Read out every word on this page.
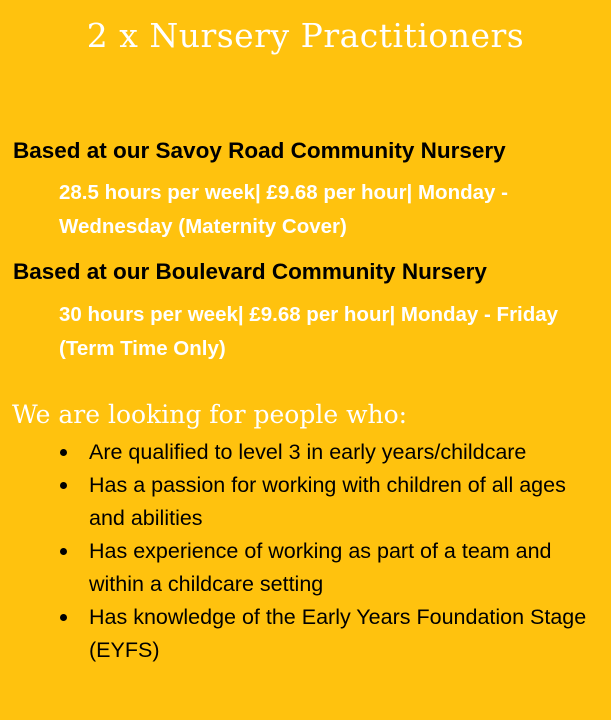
2 x Nursery Practitioners
Based at our Savoy Road Community Nursery
28.5 hours per week| £9.68 per hour| Monday - Wednesday (Maternity Cover)
Based at our Boulevard Community Nursery
30 hours per week| £9.68 per hour| Monday - Friday (Term Time Only)
We are looking for people who:
Are qualified to level 3 in early years/childcare
Has a passion for working with children of all ages and abilities
Has experience of working as part of a team and within a childcare setting
Has knowledge of the Early Years Foundation Stage (EYFS)
